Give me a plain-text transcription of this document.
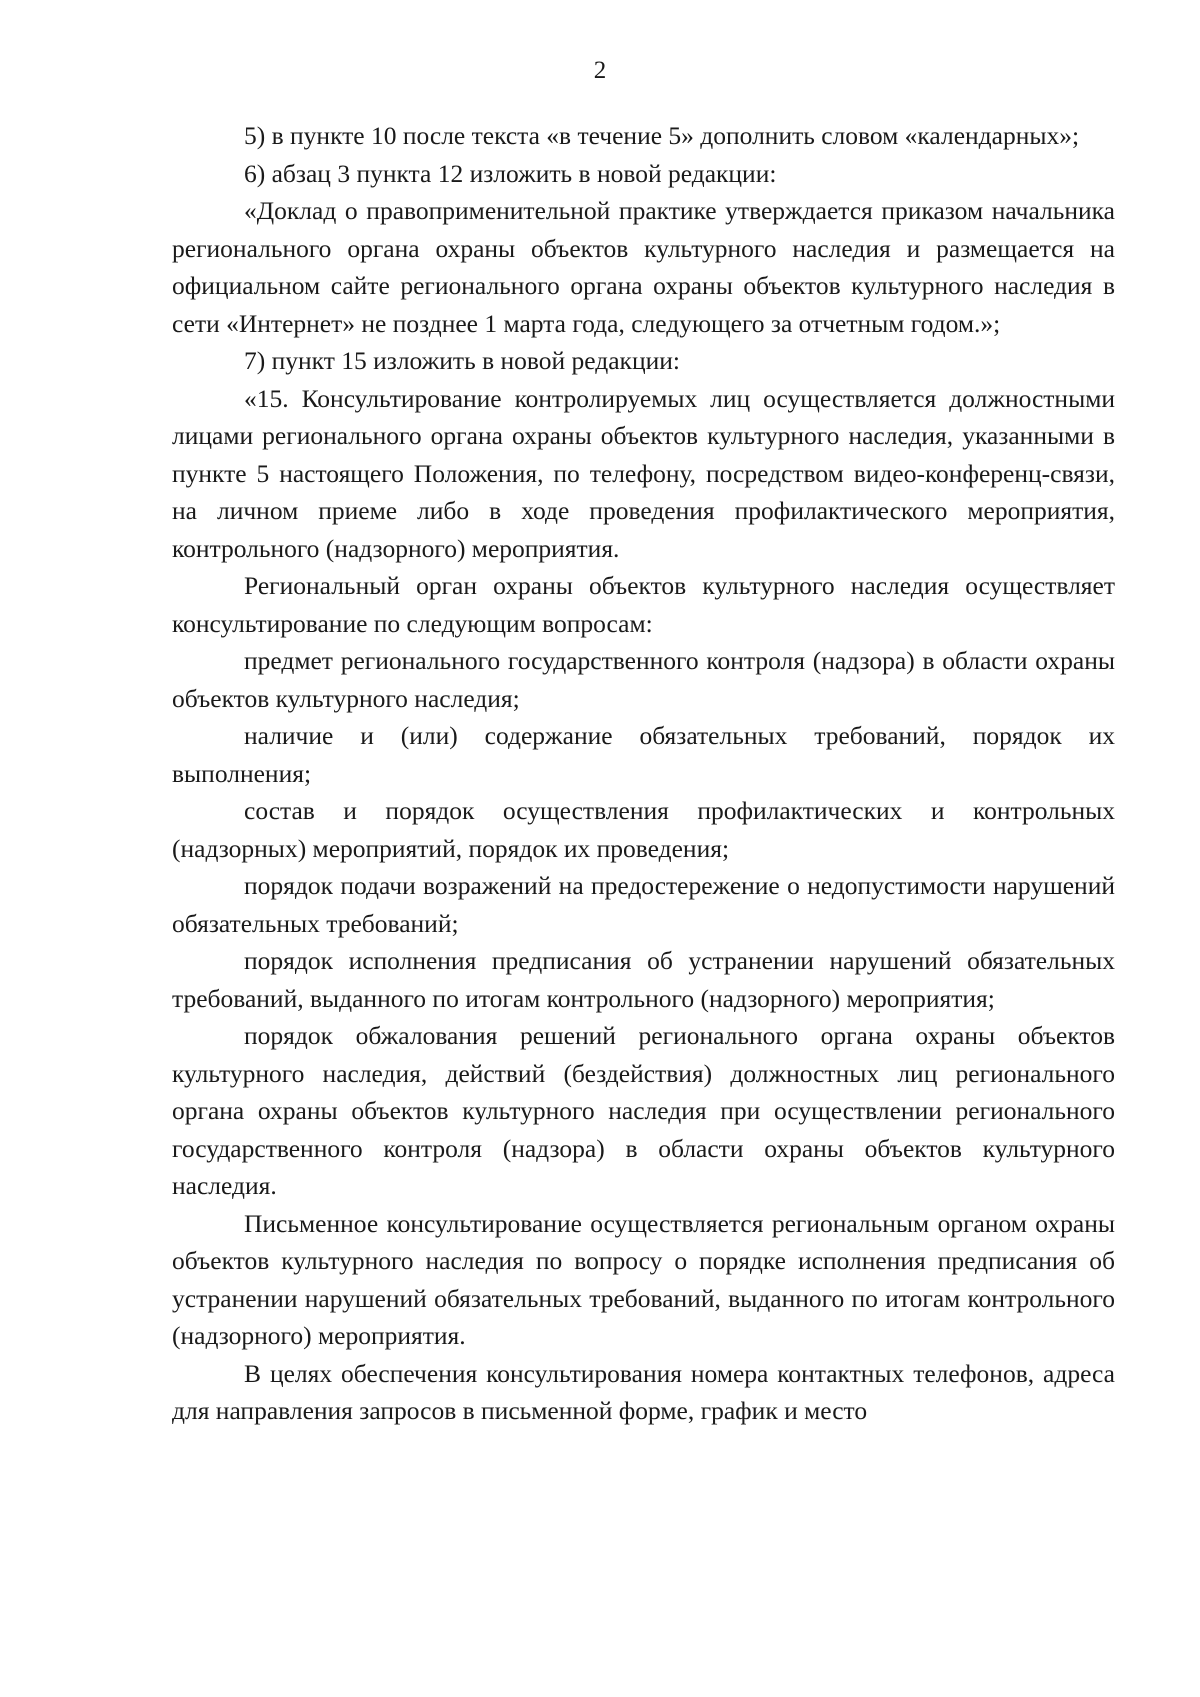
2

5) в пункте 10 после текста «в течение 5» дополнить словом «календарных»;

6) абзац 3 пункта 12 изложить в новой редакции:

«Доклад о правоприменительной практике утверждается приказом начальника регионального органа охраны объектов культурного наследия и размещается на официальном сайте регионального органа охраны объектов культурного наследия в сети «Интернет» не позднее 1 марта года, следующего за отчетным годом.»;

7) пункт 15 изложить в новой редакции:

«15. Консультирование контролируемых лиц осуществляется должностными лицами регионального органа охраны объектов культурного наследия, указанными в пункте 5 настоящего Положения, по телефону, посредством видео-конференц-связи, на личном приеме либо в ходе проведения профилактического мероприятия, контрольного (надзорного) мероприятия.

Региональный орган охраны объектов культурного наследия осуществляет консультирование по следующим вопросам:

предмет регионального государственного контроля (надзора) в области охраны объектов культурного наследия;

наличие и (или) содержание обязательных требований, порядок их выполнения;

состав и порядок осуществления профилактических и контрольных (надзорных) мероприятий, порядок их проведения;

порядок подачи возражений на предостережение о недопустимости нарушений обязательных требований;

порядок исполнения предписания об устранении нарушений обязательных требований, выданного по итогам контрольного (надзорного) мероприятия;

порядок обжалования решений регионального органа охраны объектов культурного наследия, действий (бездействия) должностных лиц регионального органа охраны объектов культурного наследия при осуществлении регионального государственного контроля (надзора) в области охраны объектов культурного наследия.

Письменное консультирование осуществляется региональным органом охраны объектов культурного наследия по вопросу о порядке исполнения предписания об устранении нарушений обязательных требований, выданного по итогам контрольного (надзорного) мероприятия.

В целях обеспечения консультирования номера контактных телефонов, адреса для направления запросов в письменной форме, график и место
